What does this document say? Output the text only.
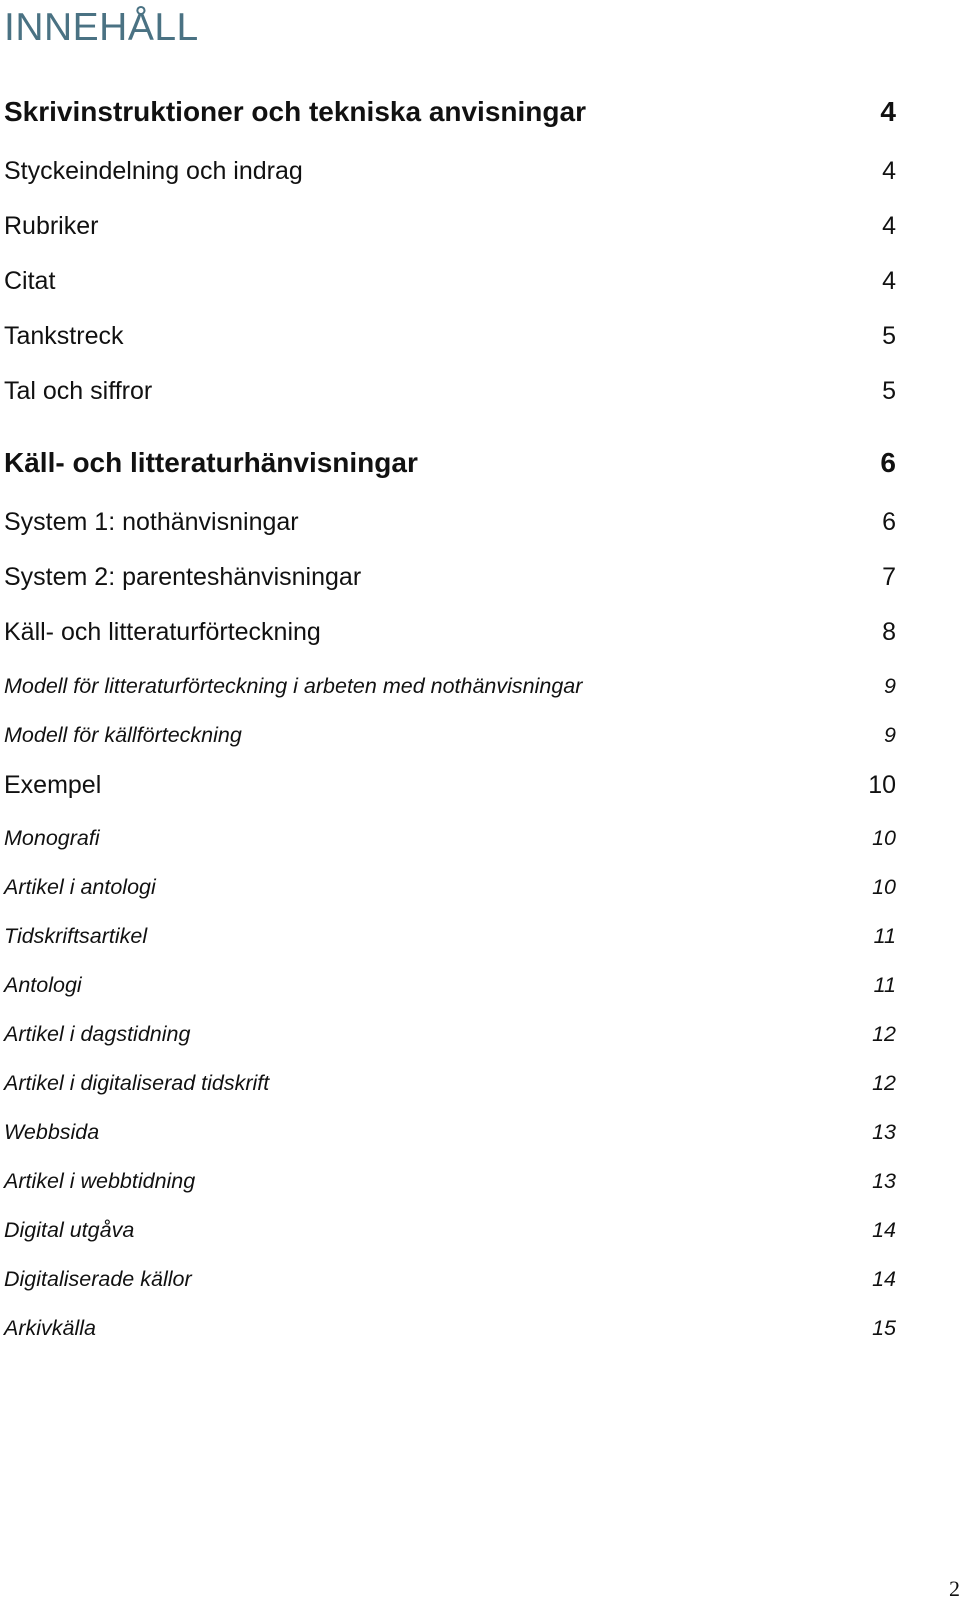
INNEHÅLL
Skrivinstruktioner och tekniska anvisningar	4
Styckeindelning och indrag	4
Rubriker	4
Citat	4
Tankstreck	5
Tal och siffror	5
Käll- och litteraturhänvisningar	6
System 1: nothänvisningar	6
System 2: parenteshänvisningar	7
Käll- och litteraturförteckning	8
Modell för litteraturförteckning i arbeten med nothänvisningar	9
Modell för källförteckning	9
Exempel	10
Monografi	10
Artikel i antologi	10
Tidskriftsartikel	11
Antologi	11
Artikel i dagstidning	12
Artikel i digitaliserad tidskrift	12
Webbsida	13
Artikel i webbtidning	13
Digital utgåva	14
Digitaliserade källor	14
Arkivkälla	15
2
